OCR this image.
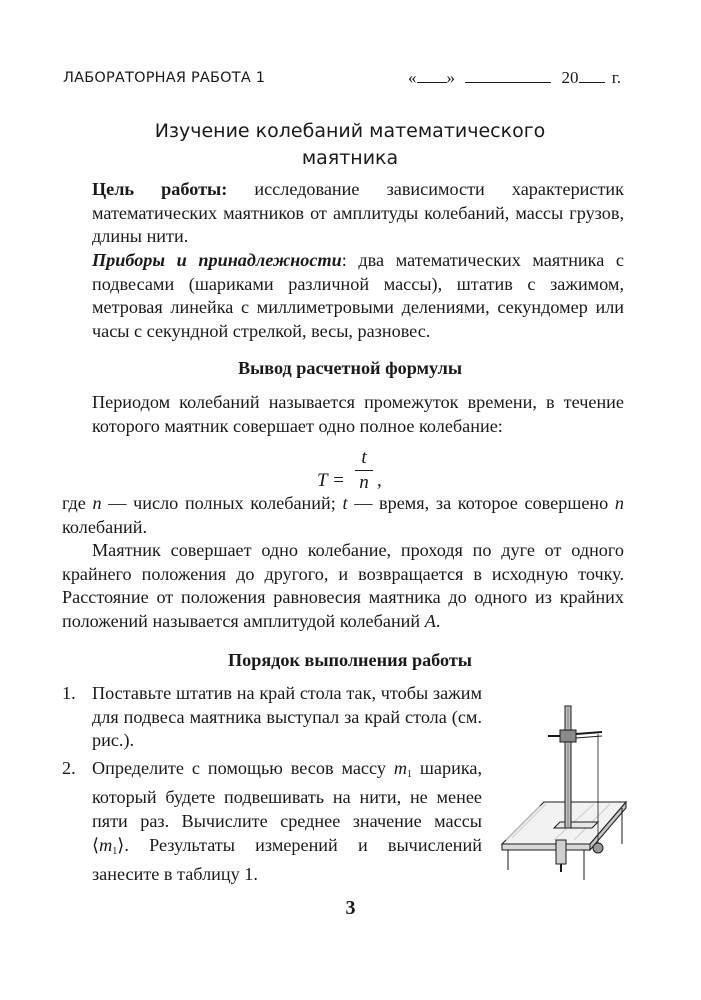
ЛАБОРАТОРНАЯ РАБОТА 1	« »	20 г.
Изучение колебаний математического
маятника
Цель работы: исследование зависимости характеристик математических маятников от амплитуды колебаний, массы грузов, длины нити.
Приборы и принадлежности: два математических маятника с подвесами (шариками различной массы), штатив с зажимом, метровая линейка с миллиметровыми делениями, секундомер или часы с секундной стрелкой, весы, разновес.
Вывод расчетной формулы
Периодом колебаний называется промежуток времени, в течение которого маятник совершает одно полное колебание:
T =
t
n ,
где n — число полных колебаний; t — время, за которое совершено n колебаний.
Маятник совершает одно колебание, проходя по дуге от одного крайнего положения до другого, и возвращается в исходную точку. Расстояние от положения равновесия маятника до одного из крайних положений называется амплитудой колебаний A.
Порядок выполнения работы
1. Поставьте штатив на край стола так, чтобы зажим для подвеса маятника выступал за край стола (см. рис.).
2. Определите с помощью весов массу $m_1$ шарика, который будете подвешивать на нити, не менее пяти раз. Вычислите среднее значение массы $⟨m_1⟩$. Результаты измерений и вычислений занесите в таблицу 1.
3
